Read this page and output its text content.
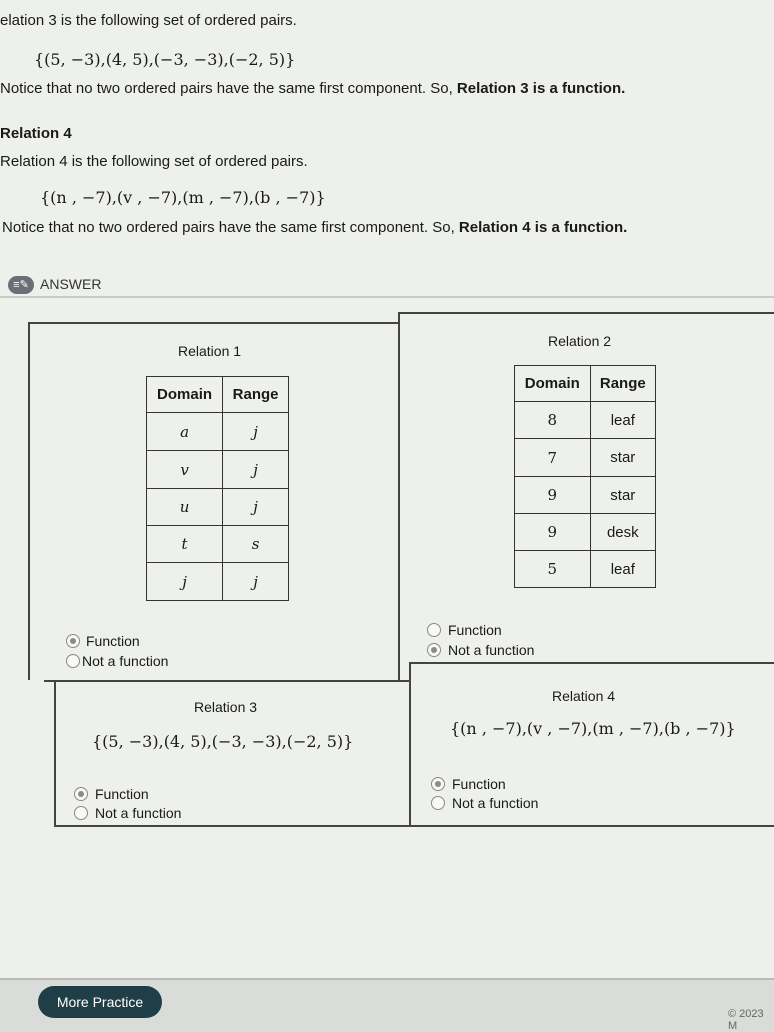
elation 3 is the following set of ordered pairs.
{(5, −3),(4, 5),(−3, −3),(−2, 5)}
Notice that no two ordered pairs have the same first component. So, Relation 3 is a function.
Relation 4
Relation 4 is the following set of ordered pairs.
{(n , −7),(v , −7),(m , −7),(b , −7)}
Notice that no two ordered pairs have the same first component. So, Relation 4 is a function.
≡✎ ANSWER
Relation 1
Domain	Range
a	j
v	j
u	j
t	s
j	j
Function
Not a function
Relation 2
Domain	Range
8	leaf
7	star
9	star
9	desk
5	leaf
Function
Not a function
Relation 3
{(5, −3),(4, 5),(−3, −3),(−2, 5)}
Function
Not a function
Relation 4
{(n , −7),(v , −7),(m , −7),(b , −7)}
Function
Not a function
More Practice
© 2023 M
